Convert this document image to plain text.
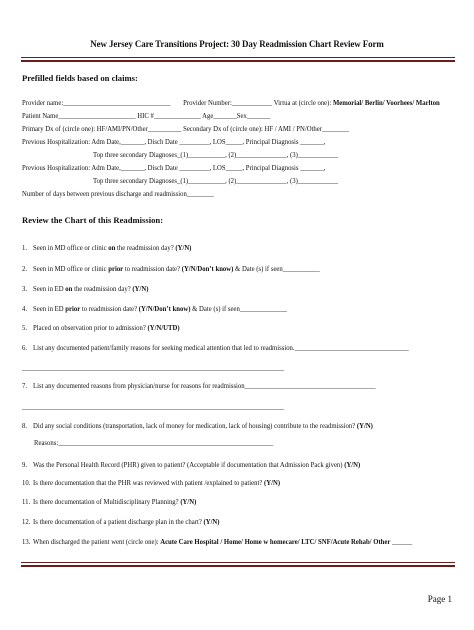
New Jersey Care Transitions Project: 30 Day Readmission Chart Review Form
Prefilled fields based on claims:
Provider name:________________________________ Provider Number:____________ Virtua at (circle one): Memorial/ Berlin/ Voorhees/ Marlton
Patient Name_______________________ HIC #______________ Age_______Sex_______
Primary Dx of (circle one): HF/AMI/PN/Other__________ Secondary Dx of (circle one): HF / AMI / PN/Other________
Previous Hospitalization: Adm Date,_______, Disch Date _________, LOS_____, Principal Diagnosis _______,
Top three secondary Diagnoses_(1)___________, (2)_______________, (3)____________
Previous Hospitalization: Adm Date,_______, Disch Date _________, LOS_____, Principal Diagnosis _______,
Top three secondary Diagnoses_(1)___________, (2)_______________, (3)____________
Number of days between previous discharge and readmission________
Review the Chart of this Readmission:
1. Seen in MD office or clinic on the readmission day? (Y/N)
2. Seen in MD office or clinic prior to readmission date? (Y/N/Don’t know) & Date (s) if seen___________
3. Seen in ED on the readmission day? (Y/N)
4. Seen in ED prior to readmission date? (Y/N/Don’t know) & Date (s) if seen______________
5. Placed on observation prior to admission? (Y/N/UTD)
6. List any documented patient/family reasons for seeking medical attention that led to readmission.__________________________________
7. List any documented reasons from physician/nurse for reasons for readmission_______________________________________
8. Did any social conditions (transportation, lack of money for medication, lack of housing) contribute to the readmission? (Y/N)
9. Was the Personal Health Record (PHR) given to patient? (Acceptable if documentation that Admission Pack given) (Y/N)
10. Is there documentation that the PHR was reviewed with patient /explained to patient? (Y/N)
11. Is there documentation of Multidisciplinary Planning? (Y/N)
12. Is there documentation of a patient discharge plan in the chart? (Y/N)
13. When discharged the patient went (circle one): Acute Care Hospital / Home/ Home w homecare/ LTC/ SNF/Acute Rehab/ Other ______
______________________________________________________________________________
______________________________________________________________________________
Reasons:________________________________________________________________
Page 1
